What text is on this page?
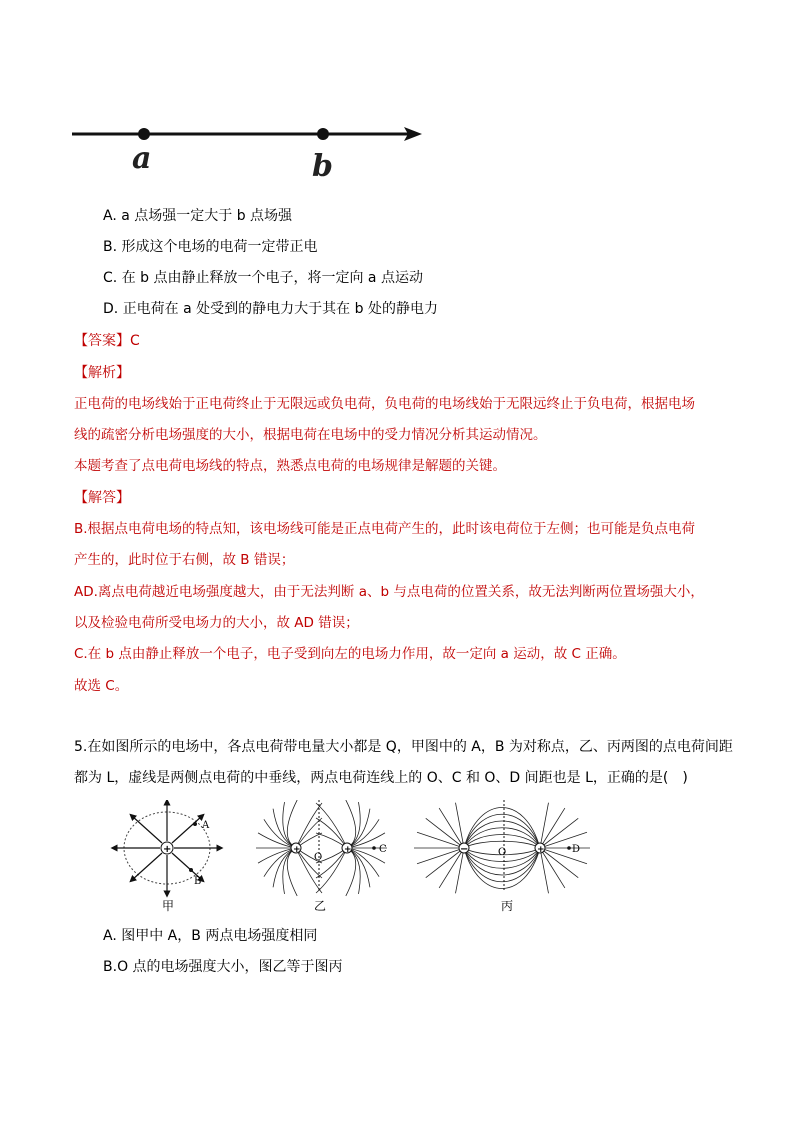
a	b
A. a 点场强一定大于 b 点场强
B. 形成这个电场的电荷一定带正电
C. 在 b 点由静止释放一个电子，将一定向 a 点运动
D. 正电荷在 a 处受到的静电力大于其在 b 处的静电力
【答案】C
【解析】
正电荷的电场线始于正电荷终止于无限远或负电荷，负电荷的电场线始于无限远终止于负电荷，根据电场
线的疏密分析电场强度的大小，根据电荷在电场中的受力情况分析其运动情况。
本题考查了点电荷电场线的特点，熟悉点电荷的电场规律是解题的关键。
【解答】
B.根据点电荷电场的特点知，该电场线可能是正点电荷产生的，此时该电荷位于左侧；也可能是负点电荷
产生的，此时位于右侧，故 B 错误；
AD.离点电荷越近电场强度越大，由于无法判断 a、b 与点电荷的位置关系，故无法判断两位置场强大小，
以及检验电荷所受电场力的大小，故 AD 错误；
C.在 b 点由静止释放一个电子，电子受到向左的电场力作用，故一定向 a 运动，故 C 正确。
故选 C。
5.在如图所示的电场中，各点电荷带电量大小都是 Q，甲图中的 A，B 为对称点，乙、丙两图的点电荷间距
都为 L，虚线是两侧点电荷的中垂线，两点电荷连线上的 O、C 和 O、D 间距也是 L，正确的是(　)
+
A
B
甲
+	+
O
C
乙
−	+
O	D
丙
A. 图甲中 A，B 两点电场强度相同
B.O 点的电场强度大小，图乙等于图丙
